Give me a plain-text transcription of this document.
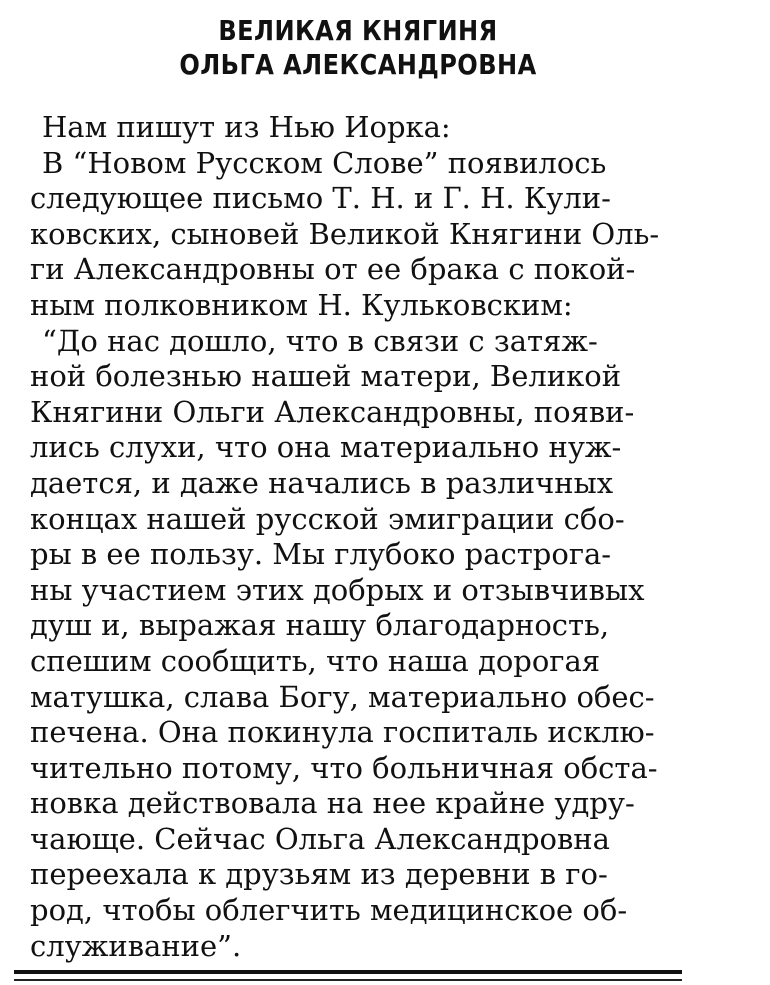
ВЕЛИКАЯ КНЯГИНЯ
ОЛЬГА АЛЕКСАНДРОВНА
Нам пишут из Нью Иорка:
В “Новом Русском Слове” появилось
следующее письмо Т. Н. и Г. Н. Кули-
ковских, сыновей Великой Княгини Оль-
ги Александровны от ее брака с покой-
ным полковником Н. Кульковским:
“До нас дошло, что в связи с затяж-
ной болезнью нашей матери, Великой
Княгини Ольги Александровны, появи-
лись слухи, что она материально нуж-
дается, и даже начались в различных
концах нашей русской эмиграции сбо-
ры в ее пользу. Мы глубоко растрога-
ны участием этих добрых и отзывчивых
душ и, выражая нашу благодарность,
спешим сообщить, что наша дорогая
матушка, слава Богу, материально обес-
печена. Она покинула госпиталь исклю-
чительно потому, что больничная обста-
новка действовала на нее крайне удру-
чающе. Сейчас Ольга Александровна
переехала к друзьям из деревни в го-
род, чтобы облегчить медицинское об-
служивание”.
